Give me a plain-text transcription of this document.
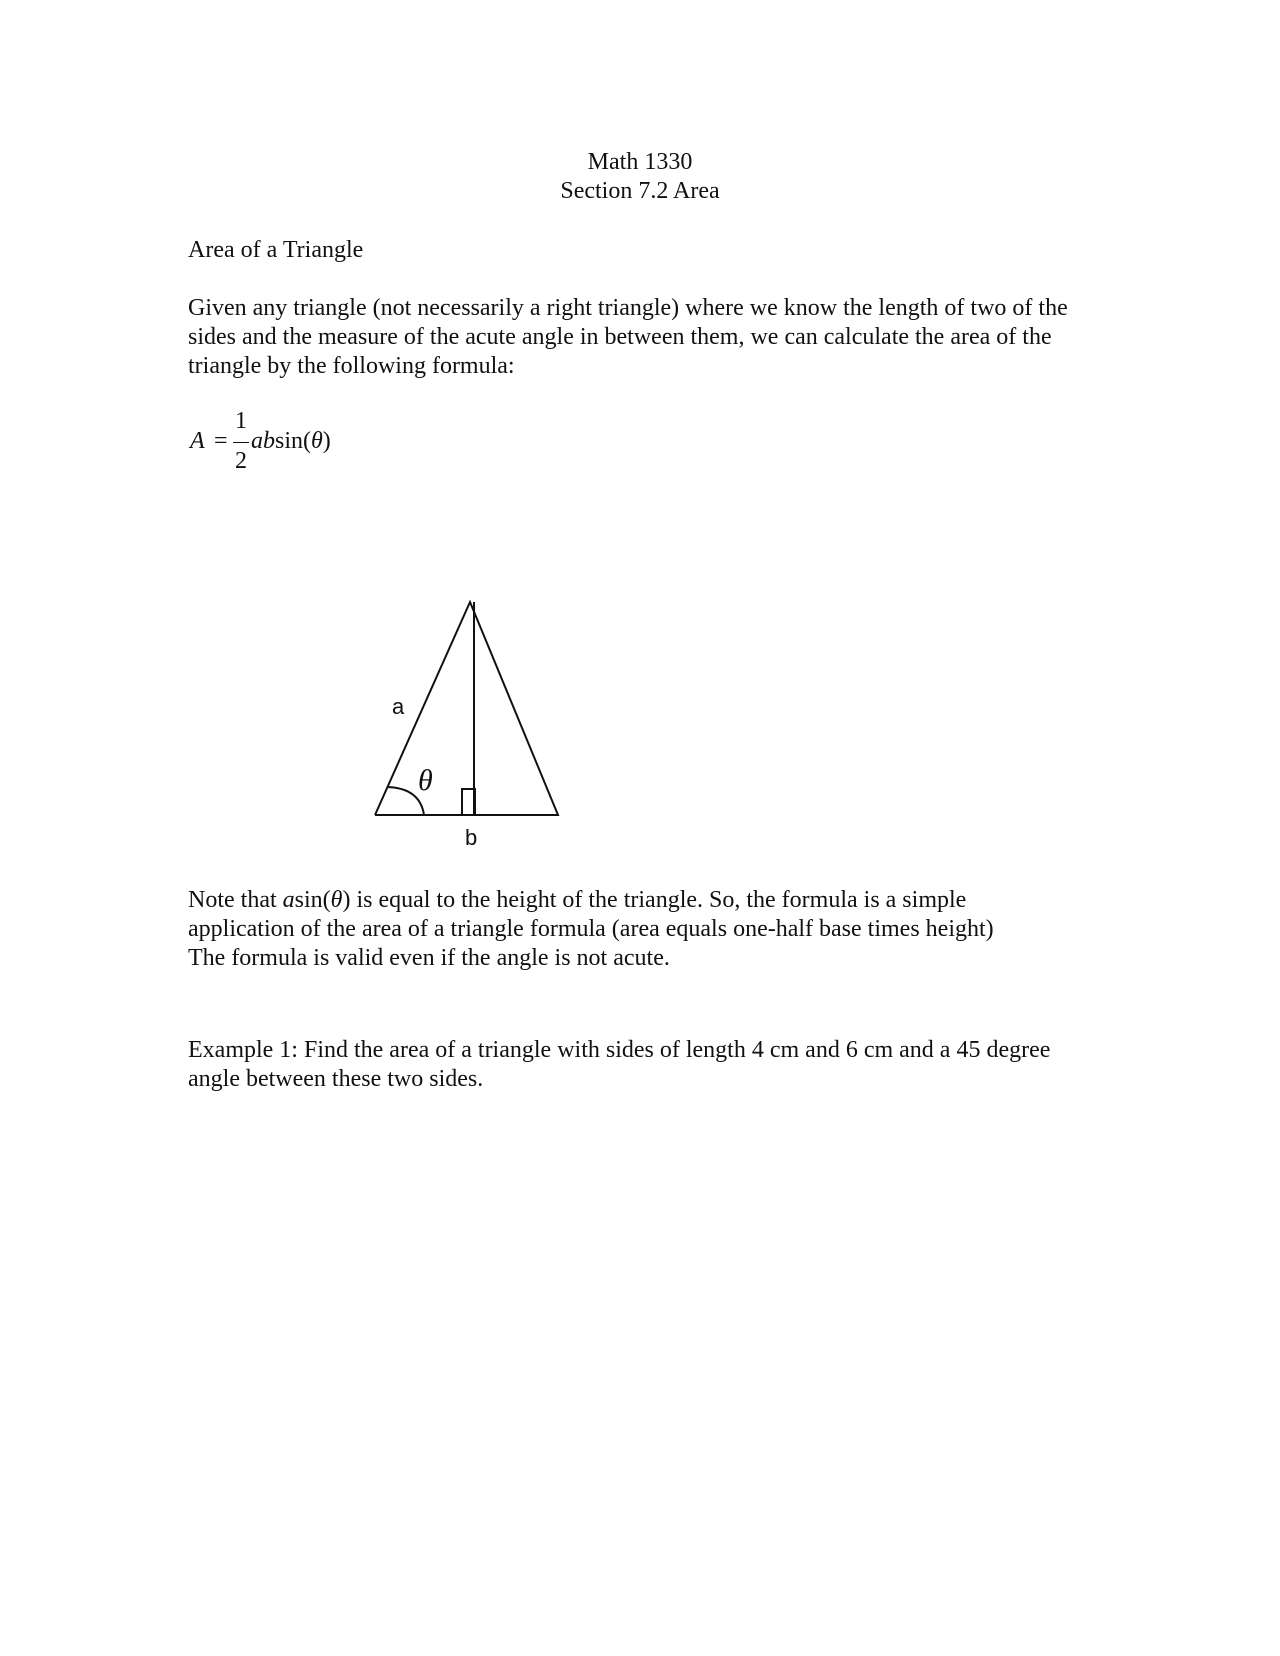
Math 1330
Section 7.2 Area
Area of a Triangle
Given any triangle (not necessarily a right triangle) where we know the length of two of the sides and the measure of the acute angle in between them, we can calculate the area of the triangle by the following formula:
A =
1
2
absin(θ)
a
b
θ
Note that asin(θ) is equal to the height of the triangle. So, the formula is a simple
application of the area of a triangle formula (area equals one-half base times height)
The formula is valid even if the angle is not acute.
Example 1: Find the area of a triangle with sides of length 4 cm and 6 cm and a 45 degree
angle between these two sides.
